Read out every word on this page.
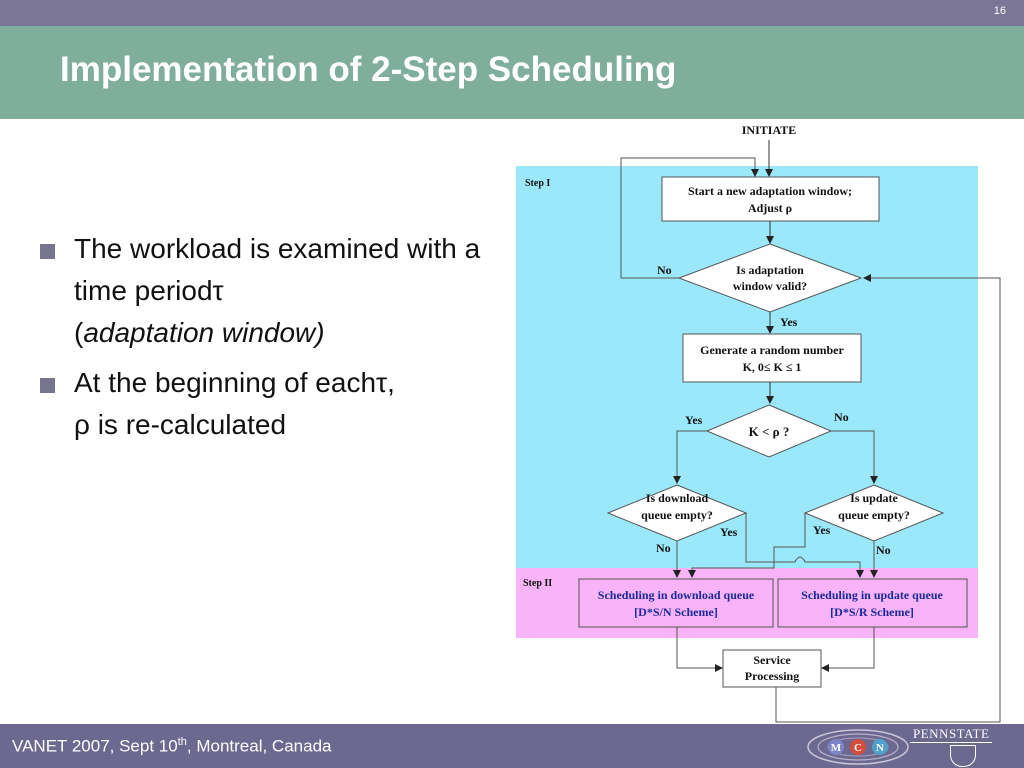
16
Implementation of 2-Step Scheduling
The workload is examined with a time periodτ
(adaptation window)
At the beginning of eachτ,
ρ is re-calculated
Step I
Step II
INITIATE
Start a new adaptation window;
Adjust ρ
Is adaptation
window valid?
No
Yes
Generate a random number
K, 0≤ K ≤ 1
K < ρ ?
Yes	No
Is download
queue empty?
Is update
queue empty?
No
Yes
No
Yes
Scheduling in download queue
[D*S/N Scheme]
Scheduling in update queue
[D*S/R Scheme]
Service
Processing
VANET 2007, Sept 10th, Montreal, Canada	M C N
PENNSTATE
